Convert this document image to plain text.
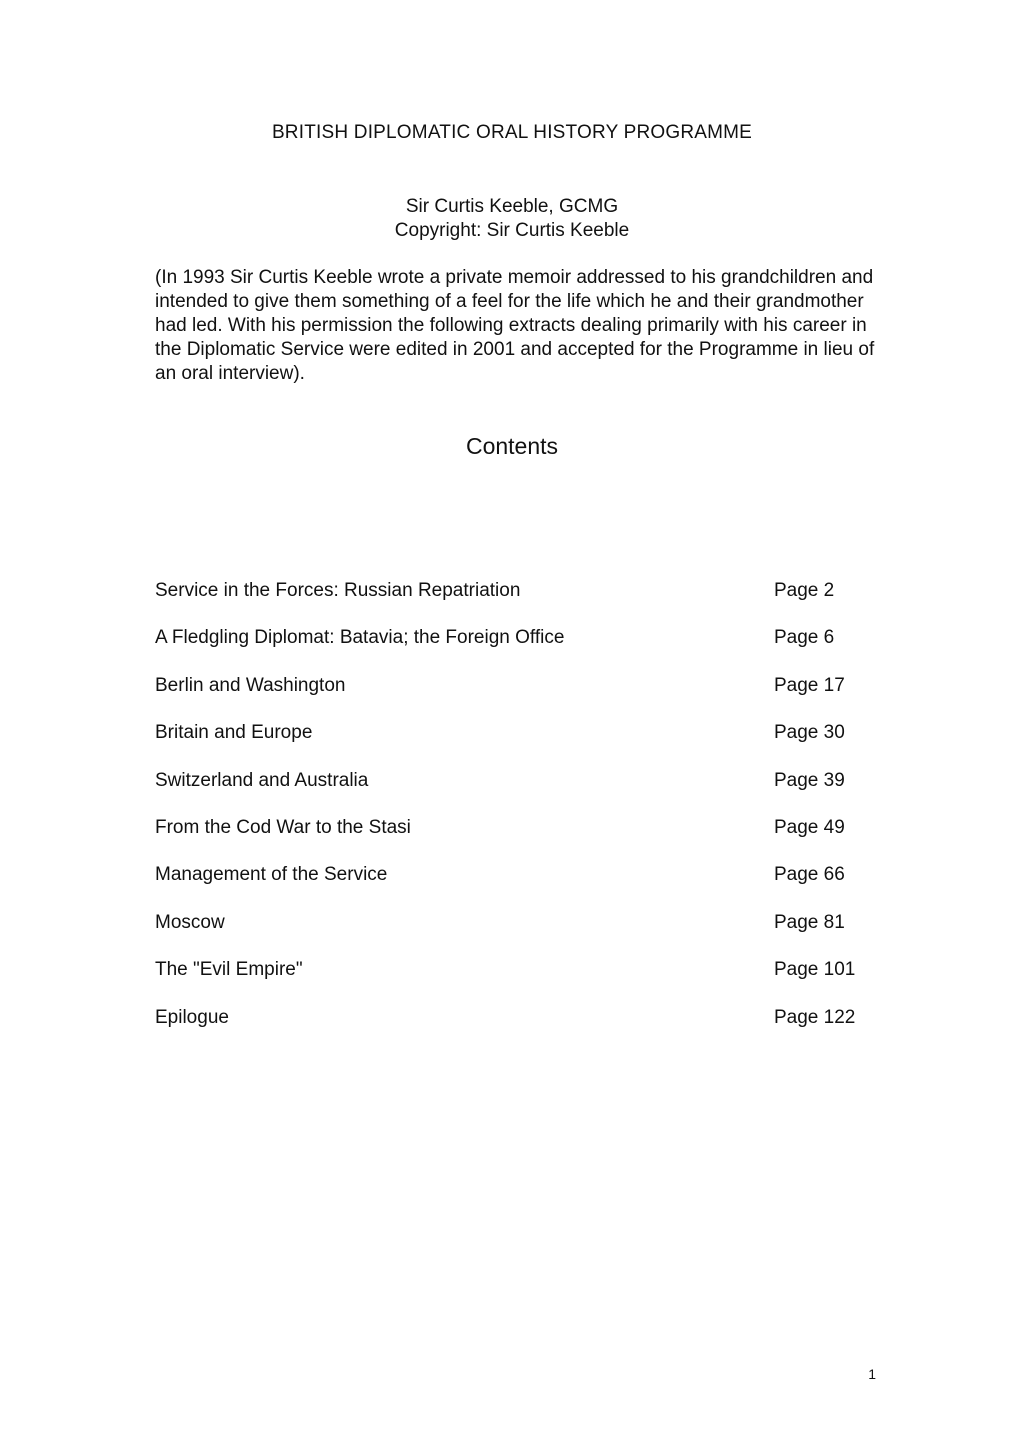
BRITISH DIPLOMATIC ORAL HISTORY PROGRAMME
Sir Curtis Keeble, GCMG
Copyright: Sir Curtis Keeble

(In 1993 Sir Curtis Keeble wrote a private memoir addressed to his grandchildren and intended to give them something of a feel for the life which he and their grandmother had led. With his permission the following extracts dealing primarily with his career in the Diplomatic Service were edited in 2001 and accepted for the Programme in lieu of an oral interview).

Contents
Service in the Forces: Russian Repatriation	Page 2
A Fledgling Diplomat: Batavia; the Foreign Office	Page 6
Berlin and Washington	Page 17
Britain and Europe	Page 30
Switzerland and Australia	Page 39
From the Cod War to the Stasi	Page 49
Management of the Service	Page 66
Moscow	Page 81
The "Evil Empire"	Page 101
Epilogue	Page 122
1
